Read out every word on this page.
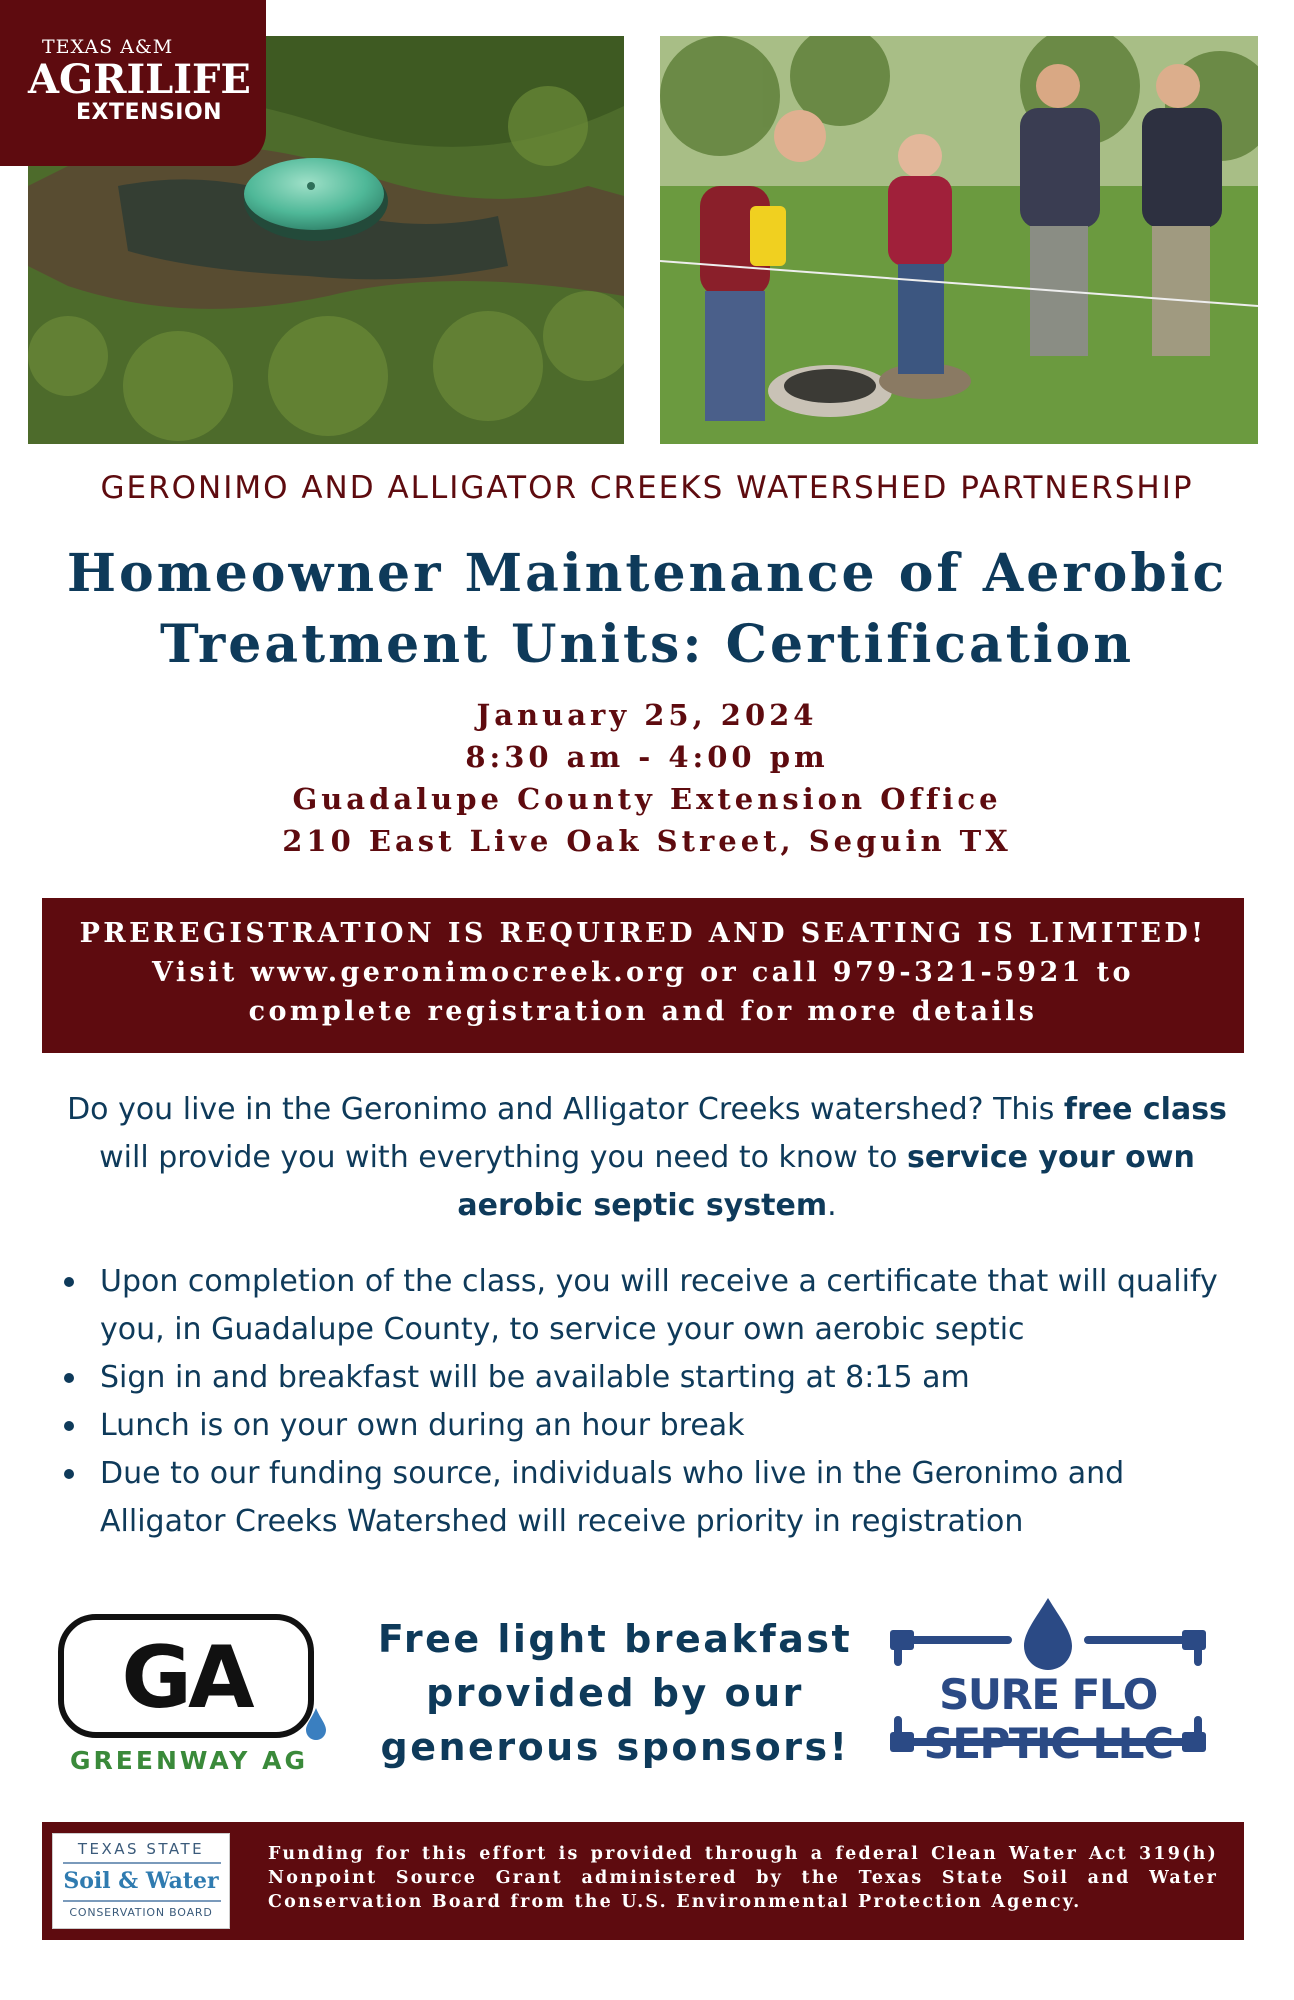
TEXAS A&M
AGRILIFE
EXTENSION
GERONIMO AND ALLIGATOR CREEKS WATERSHED PARTNERSHIP
Homeowner Maintenance of Aerobic
Treatment Units: Certification
January 25, 2024
8:30 am - 4:00 pm
Guadalupe County Extension Office
210 East Live Oak Street, Seguin TX
PREREGISTRATION IS REQUIRED AND SEATING IS LIMITED!
Visit www.geronimocreek.org or call 979-321-5921 to
complete registration and for more details
Do you live in the Geronimo and Alligator Creeks watershed? This free class will provide you with everything you need to know to service your own aerobic septic system.
Upon completion of the class, you will receive a certificate that will qualify you, in Guadalupe County, to service your own aerobic septic
Sign in and breakfast will be available starting at 8:15 am
Lunch is on your own during an hour break
Due to our funding source, individuals who live in the Geronimo and Alligator Creeks Watershed will receive priority in registration
GA
GREENWAY AG
Free light breakfast
provided by our
generous sponsors!
SURE FLO SEPTIC LLC
TEXAS STATE
Soil & Water
CONSERVATION BOARD
Funding for this effort is provided through a federal Clean Water Act 319(h) Nonpoint Source Grant administered by the Texas State Soil and Water Conservation Board from the U.S. Environmental Protection Agency.
